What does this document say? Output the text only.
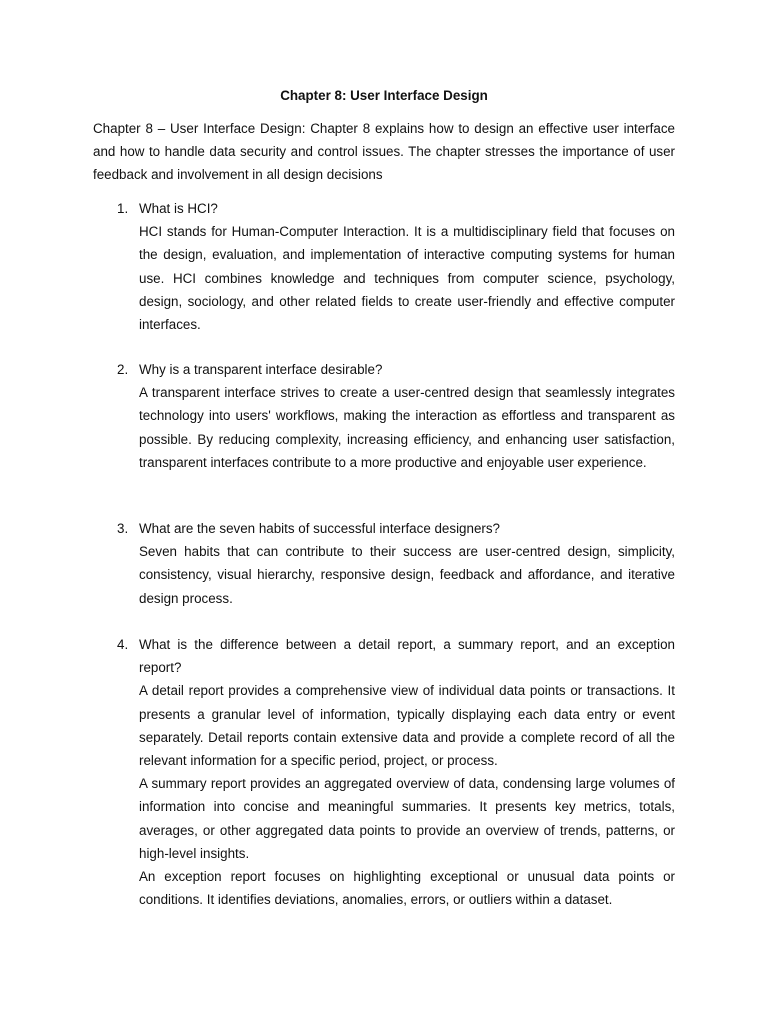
Chapter 8: User Interface Design
Chapter 8 – User Interface Design: Chapter 8 explains how to design an effective user interface and how to handle data security and control issues. The chapter stresses the importance of user feedback and involvement in all design decisions
1. What is HCI?

HCI stands for Human-Computer Interaction. It is a multidisciplinary field that focuses on the design, evaluation, and implementation of interactive computing systems for human use. HCI combines knowledge and techniques from computer science, psychology, design, sociology, and other related fields to create user-friendly and effective computer interfaces.

2. Why is a transparent interface desirable?

A transparent interface strives to create a user-centred design that seamlessly integrates technology into users' workflows, making the interaction as effortless and transparent as possible. By reducing complexity, increasing efficiency, and enhancing user satisfaction, transparent interfaces contribute to a more productive and enjoyable user experience.

3. What are the seven habits of successful interface designers?

Seven habits that can contribute to their success are user-centred design, simplicity, consistency, visual hierarchy, responsive design, feedback and affordance, and iterative design process.

4. What is the difference between a detail report, a summary report, and an exception report?

A detail report provides a comprehensive view of individual data points or transactions. It presents a granular level of information, typically displaying each data entry or event separately. Detail reports contain extensive data and provide a complete record of all the relevant information for a specific period, project, or process.

A summary report provides an aggregated overview of data, condensing large volumes of information into concise and meaningful summaries. It presents key metrics, totals, averages, or other aggregated data points to provide an overview of trends, patterns, or high-level insights.

An exception report focuses on highlighting exceptional or unusual data points or conditions. It identifies deviations, anomalies, errors, or outliers within a dataset.
